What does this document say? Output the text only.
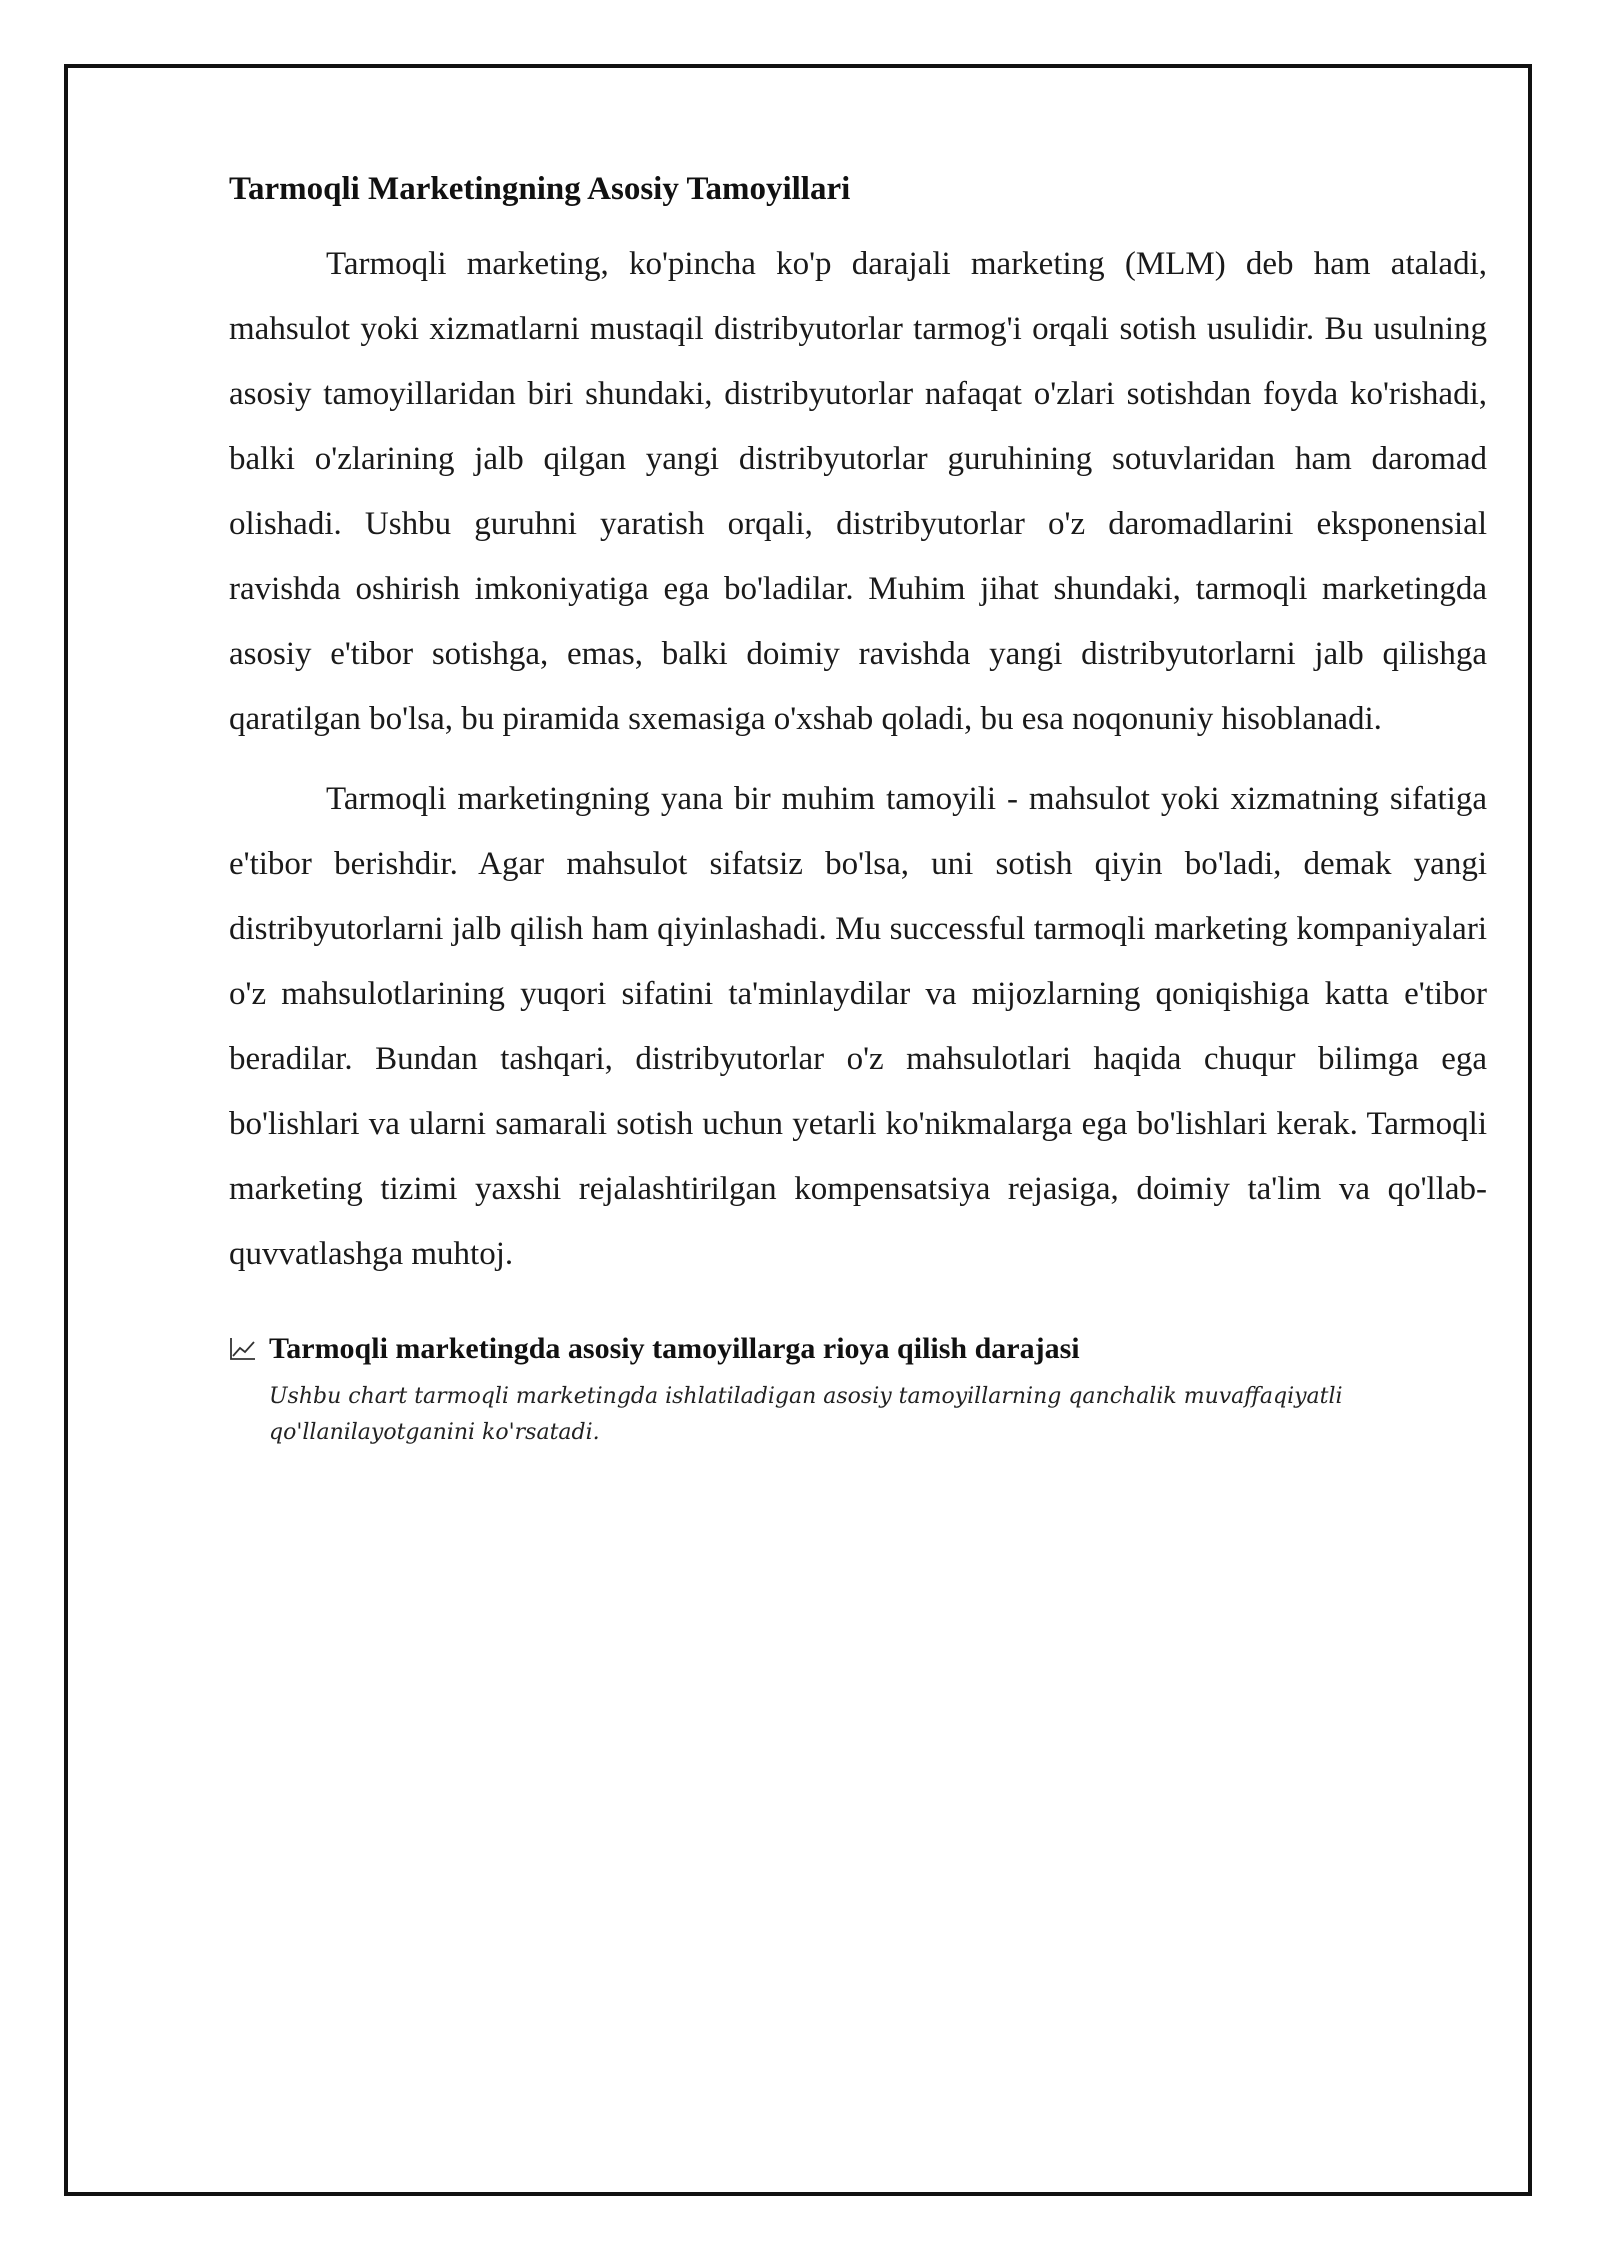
Tarmoqli Marketingning Asosiy Tamoyillari

Tarmoqli marketing, ko'pincha ko'p darajali marketing (MLM) deb ham ataladi, mahsulot yoki xizmatlarni mustaqil distribyutorlar tarmog'i orqali sotish usulidir. Bu usulning asosiy tamoyillaridan biri shundaki, distribyutorlar nafaqat o'zlari sotishdan foyda ko'rishadi, balki o'zlarining jalb qilgan yangi distribyutorlar guruhining sotuvlaridan ham daromad olishadi. Ushbu guruhni yaratish orqali, distribyutorlar o'z daromadlarini eksponensial ravishda oshirish imkoniyatiga ega bo'ladilar. Muhim jihat shundaki, tarmoqli marketingda asosiy e'tibor sotishga, emas, balki doimiy ravishda yangi distribyutorlarni jalb qilishga qaratilgan bo'lsa, bu piramida sxemasiga o'xshab qoladi, bu esa noqonuniy hisoblanadi.

Tarmoqli marketingning yana bir muhim tamoyili - mahsulot yoki xizmatning sifatiga e'tibor berishdir. Agar mahsulot sifatsiz bo'lsa, uni sotish qiyin bo'ladi, demak yangi distribyutorlarni jalb qilish ham qiyinlashadi. Mu successful tarmoqli marketing kompaniyalari o'z mahsulotlarining yuqori sifatini ta'minlaydilar va mijozlarning qoniqishiga katta e'tibor beradilar. Bundan tashqari, distribyutorlar o'z mahsulotlari haqida chuqur bilimga ega bo'lishlari va ularni samarali sotish uchun yetarli ko'nikmalarga ega bo'lishlari kerak. Tarmoqli marketing tizimi yaxshi rejalashtirilgan kompensatsiya rejasiga, doimiy ta'lim va qo'llab-quvvatlashga muhtoj.

Tarmoqli marketingda asosiy tamoyillarga rioya qilish darajasi
Ushbu chart tarmoqli marketingda ishlatiladigan asosiy tamoyillarning qanchalik muvaffaqiyatli qo'llanilayotganini ko'rsatadi.
